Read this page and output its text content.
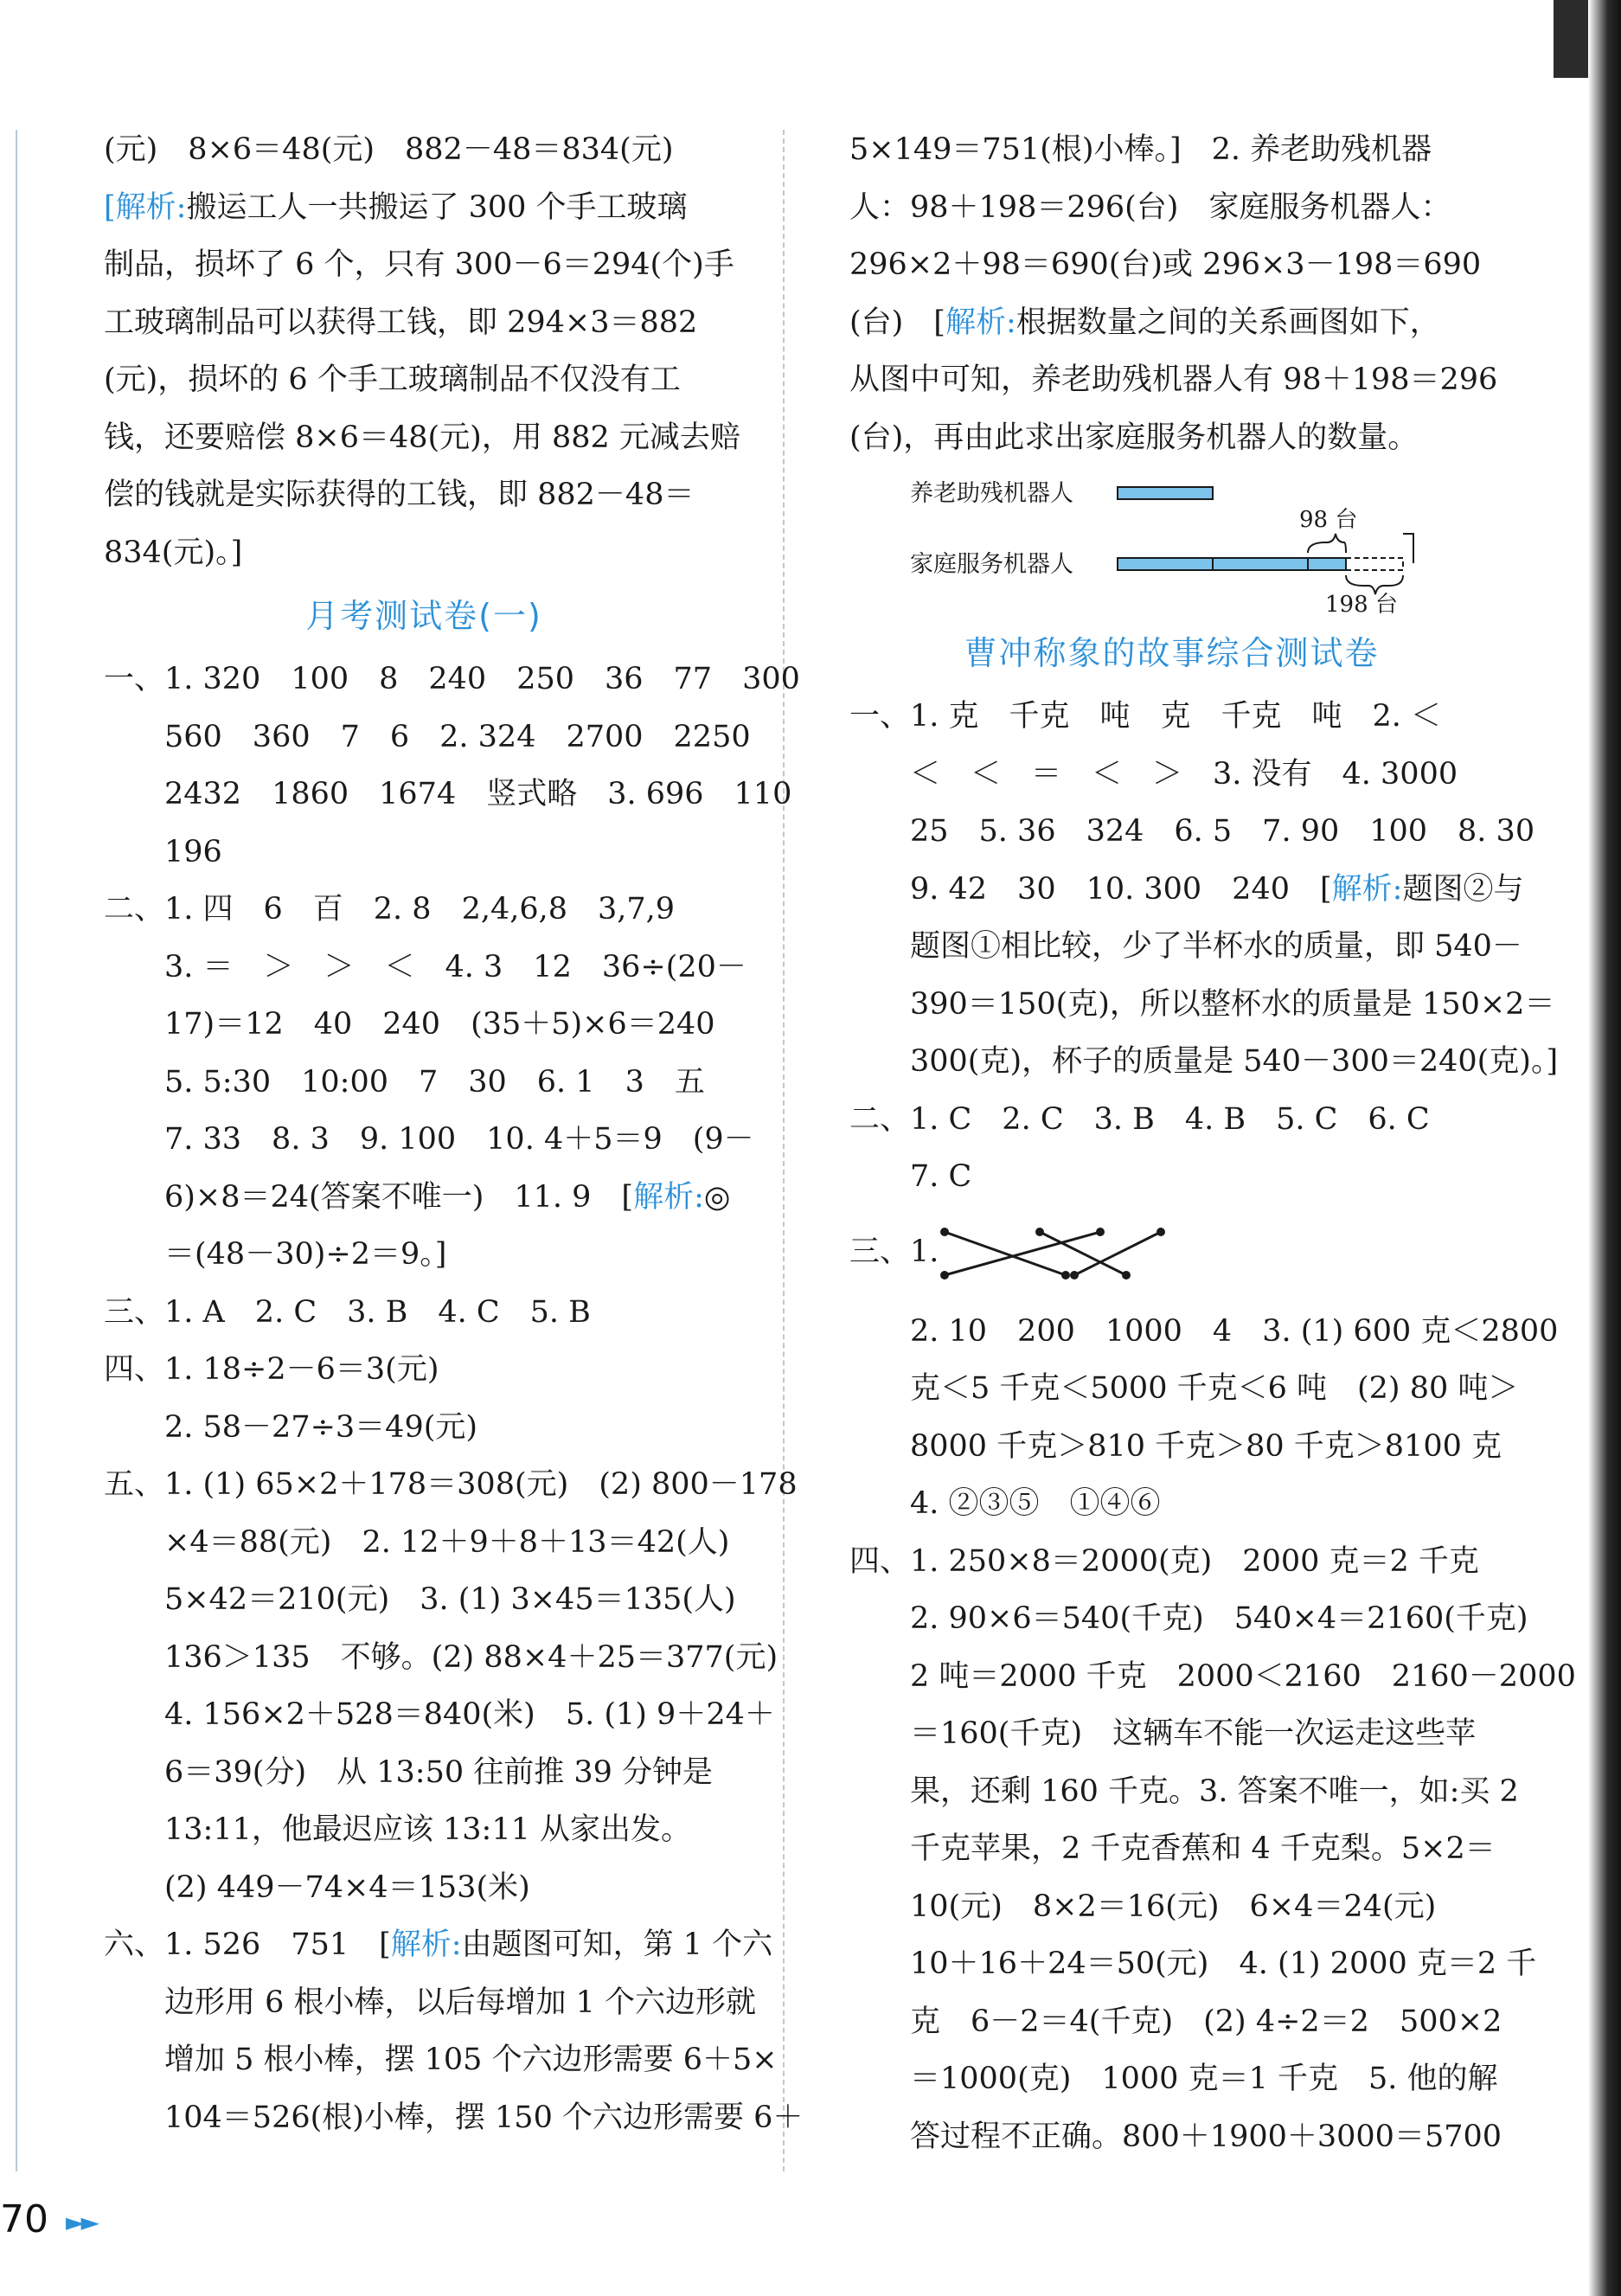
(元)　8×6＝48(元)　882－48＝834(元)
[解析:搬运工人一共搬运了 300 个手工玻璃
制品，损坏了 6 个，只有 300－6＝294(个)手
工玻璃制品可以获得工钱，即 294×3＝882
(元)，损坏的 6 个手工玻璃制品不仅没有工
钱，还要赔偿 8×6＝48(元)，用 882 元减去赔
偿的钱就是实际获得的工钱，即 882－48＝
834(元)。]
月考测试卷(一)
一、1. 320　100　8　240　250　36　77　300
　　560　360　7　6　2. 324　2700　2250
　　2432　1860　1674　竖式略　3. 696　110
　　196
二、1. 四　6　百　2. 8　2,4,6,8　3,7,9
　　3. ＝　＞　＞　＜　4. 3　12　36÷(20－
　　17)＝12　40　240　(35＋5)×6＝240
　　5. 5:30　10:00　7　30　6. 1　3　五
　　7. 33　8. 3　9. 100　10. 4＋5＝9　(9－
　　6)×8＝24(答案不唯一)　11. 9　[解析:◎
　　＝(48－30)÷2＝9。]
三、1. A　2. C　3. B　4. C　5. B
四、1. 18÷2－6＝3(元)
　　2. 58－27÷3＝49(元)
五、1. (1) 65×2＋178＝308(元)　(2) 800－178
　　×4＝88(元)　2. 12＋9＋8＋13＝42(人)
　　5×42＝210(元)　3. (1) 3×45＝135(人)
　　136＞135　不够。(2) 88×4＋25＝377(元)
　　4. 156×2＋528＝840(米)　5. (1) 9＋24＋
　　6＝39(分)　从 13:50 往前推 39 分钟是
　　13:11，他最迟应该 13:11 从家出发。
　　(2) 449－74×4＝153(米)
六、1. 526　751　[解析:由题图可知，第 1 个六
　　边形用 6 根小棒，以后每增加 1 个六边形就
　　增加 5 根小棒，摆 105 个六边形需要 6＋5×
　　104＝526(根)小棒，摆 150 个六边形需要 6＋
5×149＝751(根)小棒。]　2. 养老助残机器
人：98＋198＝296(台)　家庭服务机器人：
296×2＋98＝690(台)或 296×3－198＝690
(台)　[解析:根据数量之间的关系画图如下，
从图中可知，养老助残机器人有 98＋198＝296
(台)，再由此求出家庭服务机器人的数量。
养老助残机器人
家庭服务机器人
98 台
198 台
曹冲称象的故事综合测试卷
一、1. 克　千克　吨　克　千克　吨　2. ＜
　　＜　＜　＝　＜　＞　3. 没有　4. 3000
　　25　5. 36　324　6. 5　7. 90　100　8. 30
　　9. 42　30　10. 300　240　[解析:题图②与
　　题图①相比较，少了半杯水的质量，即 540－
　　390＝150(克)，所以整杯水的质量是 150×2＝
　　300(克)，杯子的质量是 540－300＝240(克)。]
二、1. C　2. C　3. B　4. B　5. C　6. C
　　7. C
三、1.
　　2. 10　200　1000　4　3. (1) 600 克＜2800
　　克＜5 千克＜5000 千克＜6 吨　(2) 80 吨＞
　　8000 千克＞810 千克＞80 千克＞8100 克
　　4. ②③⑤　①④⑥
四、1. 250×8＝2000(克)　2000 克＝2 千克
　　2. 90×6＝540(千克)　540×4＝2160(千克)
　　2 吨＝2000 千克　2000＜2160　2160－2000
　　＝160(千克)　这辆车不能一次运走这些苹
　　果，还剩 160 千克。3. 答案不唯一，如:买 2
　　千克苹果，2 千克香蕉和 4 千克梨。5×2＝
　　10(元)　8×2＝16(元)　6×4＝24(元)
　　10＋16＋24＝50(元)　4. (1) 2000 克＝2 千
　　克　6－2＝4(千克)　(2) 4÷2＝2　500×2
　　＝1000(克)　1000 克＝1 千克　5. 他的解
　　答过程不正确。800＋1900＋3000＝5700
70 ►►
